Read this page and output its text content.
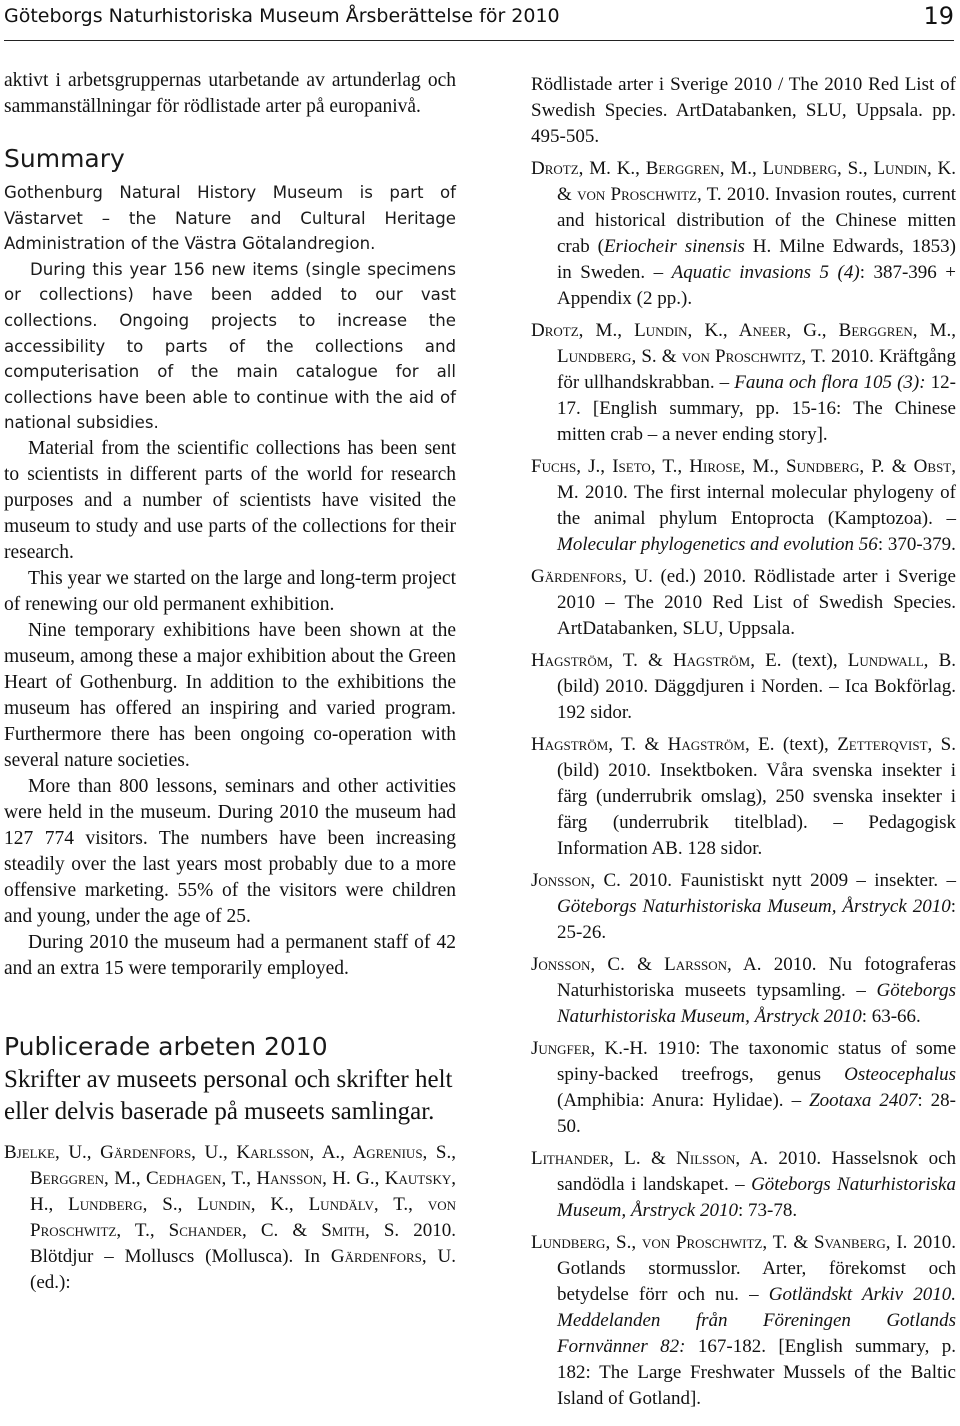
Göteborgs Naturhistoriska Museum Årsberättelse för 2010	19

aktivt i arbetsgruppernas utarbetande av artunderlag och sammanställningar för rödlistade arter på europanivå.

Summary

Gothenburg Natural History Museum is part of Västarvet – the Nature and Cultural Heritage Administration of the Västra Götalandregion.

During this year 156 new items (single specimens or collections) have been added to our vast collections. Ongoing projects to increase the accessibility to parts of the collections and computerisation of the main catalogue for all collections have been able to continue with the aid of national subsidies.

Material from the scientific collections has been sent to scientists in different parts of the world for research purposes and a number of scientists have visited the museum to study and use parts of the collections for their research.

This year we started on the large and long-term project of renewing our old permanent exhibition.

Nine temporary exhibitions have been shown at the museum, among these a major exhibition about the Green Heart of Gothenburg. In addition to the exhibitions the museum has offered an inspiring and varied program. Furthermore there has been ongoing co-operation with several nature societies.

More than 800 lessons, seminars and other activities were held in the museum. During 2010 the museum had 127 774 visitors. The numbers have been increasing steadily over the last years most probably due to a more offensive marketing. 55% of the visitors were children and young, under the age of 25.

During 2010 the museum had a permanent staff of 42 and an extra 15 were temporarily employed.

Publicerade arbeten 2010
Skrifter av museets personal och skrifter helt eller delvis baserade på museets samlingar.

Bjelke, U., Gärdenfors, U., Karlsson, A., Agrenius, S., Berggren, M., Cedhagen, T., Hansson, H. G., Kautsky, H., Lundberg, S., Lundin, K., Lundälv, T., von Proschwitz, T., Schander, C. & Smith, S. 2010. Blötdjur – Molluscs (Mollusca). In Gärdenfors, U. (ed.):

Rödlistade arter i Sverige 2010 / The 2010 Red List of Swedish Species. ArtDatabanken, SLU, Uppsala. pp. 495-505.

Drotz, M. K., Berggren, M., Lundberg, S., Lundin, K. & von Proschwitz, T. 2010. Invasion routes, current and historical distribution of the Chinese mitten crab (Eriocheir sinensis H. Milne Edwards, 1853) in Sweden. – Aquatic invasions 5 (4): 387-396 + Appendix (2 pp.).

Drotz, M., Lundin, K., Aneer, G., Berggren, M., Lundberg, S. & von Proschwitz, T. 2010. Kräftgång för ullhandskrabban. – Fauna och flora 105 (3): 12-17. [English summary, pp. 15-16: The Chinese mitten crab – a never ending story].

Fuchs, J., Iseto, T., Hirose, M., Sundberg, P. & Obst, M. 2010. The first internal molecular phylogeny of the animal phylum Entoprocta (Kamptozoa). – Molecular phylogenetics and evolution 56: 370-379.

Gärdenfors, U. (ed.) 2010. Rödlistade arter i Sverige 2010 – The 2010 Red List of Swedish Species. ArtDatabanken, SLU, Uppsala.

Hagström, T. & Hagström, E. (text), Lundwall, B. (bild) 2010. Däggdjuren i Norden. – Ica Bokförlag. 192 sidor.

Hagström, T. & Hagström, E. (text), Zetterqvist, S. (bild) 2010. Insektboken. Våra svenska insekter i färg (underrubrik omslag), 250 svenska insekter i färg (underrubrik titelblad). – Pedagogisk Information AB. 128 sidor.

Jonsson, C. 2010. Faunistiskt nytt 2009 – insekter. – Göteborgs Naturhistoriska Museum, Årstryck 2010: 25-26.

Jonsson, C. & Larsson, A. 2010. Nu fotograferas Naturhistoriska museets typsamling. – Göteborgs Naturhistoriska Museum, Årstryck 2010: 63-66.

Jungfer, K.-H. 1910: The taxonomic status of some spiny-backed treefrogs, genus Osteocephalus (Amphibia: Anura: Hylidae). – Zootaxa 2407: 28-50.

Lithander, L. & Nilsson, A. 2010. Hasselsnok och sandödla i landskapet. – Göteborgs Naturhistoriska Museum, Årstryck 2010: 73-78.

Lundberg, S., von Proschwitz, T. & Svanberg, I. 2010. Gotlands stormusslor. Arter, förekomst och betydelse förr och nu. – Gotländskt Arkiv 2010. Meddelanden från Föreningen Gotlands Fornvänner 82: 167-182. [English summary, p. 182: The Large Freshwater Mussels of the Baltic Island of Gotland].
